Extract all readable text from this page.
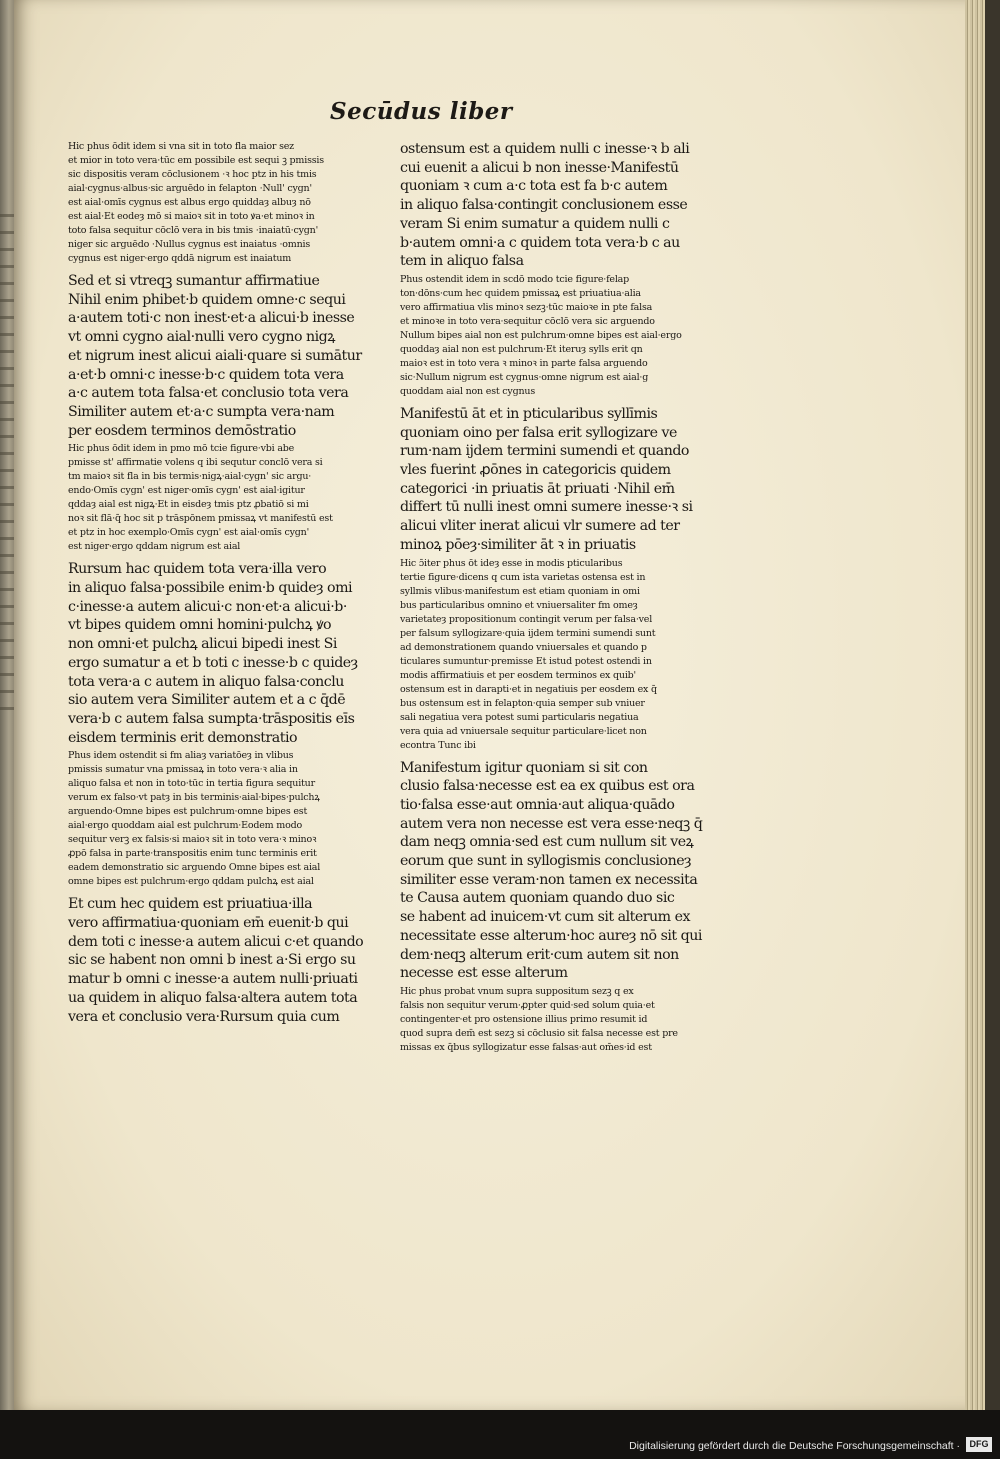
Secūdus liber

Hic phus ōdit idem si vna sit in toto fla maior sez
et mior in toto vera·tūc em possibile est sequi ꝫ pmissis
sic dispositis veram cōclusionem ·ꝛ hoc ptz in his tmis
aial·cygnus·albus·sic arguēdo in felapton ·Null' cygn'
est aial·omīs cygnus est albus ergo quiddaȝ albuȝ nō
est aial·Et eodeȝ mō si maioꝛ sit in toto ꝟa·et minoꝛ in
toto falsa sequitur cōclō vera in bis tmis ·inaiatū·cygn'
niger sic arguēdo ·Nullus cygnus est inaiatus ·omnis
cygnus est niger·ergo qddā nigrum est inaiatum

Sed et si vtreqꝫ sumantur affirmatiue
Nihil enim phibet·b quidem omne·c sequi
a·autem toti·c non inest·et·a alicui·b inesse
vt omni cygno aial·nulli vero cygno nigꝝ
et nigrum inest alicui aiali·quare si sumātur
a·et·b omni·c inesse·b·c quidem tota vera
a·c autem tota falsa·et conclusio tota vera
Similiter autem et·a·c sumpta vera·nam
per eosdem terminos demōstratio

Hic phus ōdit idem in pmo mō tcie figure·vbi abe
pmisse st' affirmatie volens q ibi sequtur conclō vera si
tm maioꝛ sit fla in bis termis·nigꝝ·aial·cygn' sic argu·
endo·Omīs cygn' est niger·omīs cygn' est aial·igitur
qddaȝ aial est nigꝝ·Et in eisdeȝ tmis ptz ꝓbatiō si mi
noꝛ sit flā·q̄ hoc sit p trāspōnem pmissaꝝ vt manifestū est
et ptz in hoc exemplo·Omīs cygn' est aial·omīs cygn'
est niger·ergo qddam nigrum est aial

Rursum hac quidem tota vera·illa vero
in aliquo falsa·possibile enim·b quideȝ omi
c·inesse·a autem alicui·c non·et·a alicui·b·
vt bipes quidem omni homini·pulchꝝ ꝟo
non omni·et pulchꝝ alicui bipedi inest Si
ergo sumatur a et b toti c inesse·b c quideȝ
tota vera·a c autem in aliquo falsa·conclu
sio autem vera Similiter autem et a c q̄dē
vera·b c autem falsa sumpta·trāspositis eīs
eisdem terminis erit demonstratio

Phus idem ostendit si fm aliaȝ variatōeȝ in vlibus
pmissis sumatur vna pmissaꝝ in toto vera·ꝛ alia in
aliquo falsa et non in toto·tūc in tertia figura sequitur
verum ex falso·vt patȝ in bis terminis·aial·bipes·pulchꝝ
arguendo·Omne bipes est pulchrum·omne bipes est
aial·ergo quoddam aial est pulchrum·Eodem modo
sequitur verꝫ ex falsis·si maioꝛ sit in toto vera·ꝛ minoꝛ
ꝓpō falsa in parte·transpositis enim tunc terminis erit
eadem demonstratio sic arguendo Omne bipes est aial
omne bipes est pulchrum·ergo qddam pulchꝝ est aial

Et cum hec quidem est priuatiua·illa
vero affirmatiua·quoniam em̄ euenit·b qui
dem toti c inesse·a autem alicui c·et quando
sic se habent non omni b inest a·Si ergo su
matur b omni c inesse·a autem nulli·priuati
ua quidem in aliquo falsa·altera autem tota
vera et conclusio vera·Rursum quia cum

ostensum est a quidem nulli c inesse·ꝛ b ali
cui euenit a alicui b non inesse·Manifestū
quoniam ꝛ cum a·c tota est fa b·c autem
in aliquo falsa·contingit conclusionem esse
veram Si enim sumatur a quidem nulli c
b·autem omni·a c quidem tota vera·b c au
tem in aliquo falsa

Phus ostendit idem in scdō modo tcie figure·felap
ton·dōns·cum hec quidem pmissaꝝ est priuatiua·alia
vero affirmatiua vlis minoꝛ sezꝫ·tūc maioꝛe in pte falsa
et minoꝛe in toto vera·sequitur cōclō vera sic arguendo
Nullum bipes aial non est pulchrum·omne bipes est aial·ergo
quoddaȝ aial non est pulchrum·Et iteruȝ sylls erit qn
maioꝛ est in toto vera ꝛ minoꝛ in parte falsa arguendo
sic·Nullum nigrum est cygnus·omne nigrum est aial·g
quoddam aial non est cygnus

Manifestū āt et in pticularibus syllīmis
quoniam oino per falsa erit syllogizare ve
rum·nam ijdem termini sumendi et quando
vles fuerint ꝓōnes in categoricis quidem
categorici ·in priuatis āt priuati ·Nihil em̄
differt tū nulli inest omni sumere inesse·ꝛ si
alicui vliter inerat alicui vlr sumere ad ter
minoꝝ pōeȝ·similiter āt ꝛ in priuatis

Hic ɔ̄iter phus ōt ideȝ esse in modis pticularibus
tertie figure·dicens q cum ista varietas ostensa est in
syllmis vlibus·manifestum est etiam quoniam in omi
bus particularibus omnino et vniuersaliter fm omeȝ
varietateȝ propositionum contingit verum per falsa·vel
per falsum syllogizare·quia ijdem termini sumendi sunt
ad demonstrationem quando vniuersales et quando p
ticulares sumuntur·premisse Et istud potest ostendi in
modis affirmatiuis et per eosdem terminos ex quib'
ostensum est in darapti·et in negatiuis per eosdem ex q̄
bus ostensum est in felapton·quia semper sub vniuer
sali negatiua vera potest sumi particularis negatiua
vera quia ad vniuersale sequitur particulare·licet non
econtra Tunc ibi

Manifestum igitur quoniam si sit con
clusio falsa·necesse est ea ex quibus est ora
tio·falsa esse·aut omnia·aut aliqua·quādo
autem vera non necesse est vera esse·neqꝫ q̄
dam neqꝫ omnia·sed est cum nullum sit veꝝ
eorum que sunt in syllogismis conclusioneȝ
similiter esse veram·non tamen ex necessita
te Causa autem quoniam quando duo sic
se habent ad inuicem·vt cum sit alterum ex
necessitate esse alterum·hoc aureȝ nō sit qui
dem·neqꝫ alterum erit·cum autem sit non
necesse est esse alterum

Hic phus probat vnum supra suppositum sezꝫ q ex
falsis non sequitur verum·ꝓpter quid·sed solum quia·et
contingenter·et pro ostensione illius primo resumit id
quod supra dem̄ est sezꝫ si cōclusio sit falsa necesse est pre
missas ex q̄bus syllogizatur esse falsas·aut om̄es·id est

Digitalisierung gefördert durch die Deutsche Forschungsgemeinschaft ·	DFG
